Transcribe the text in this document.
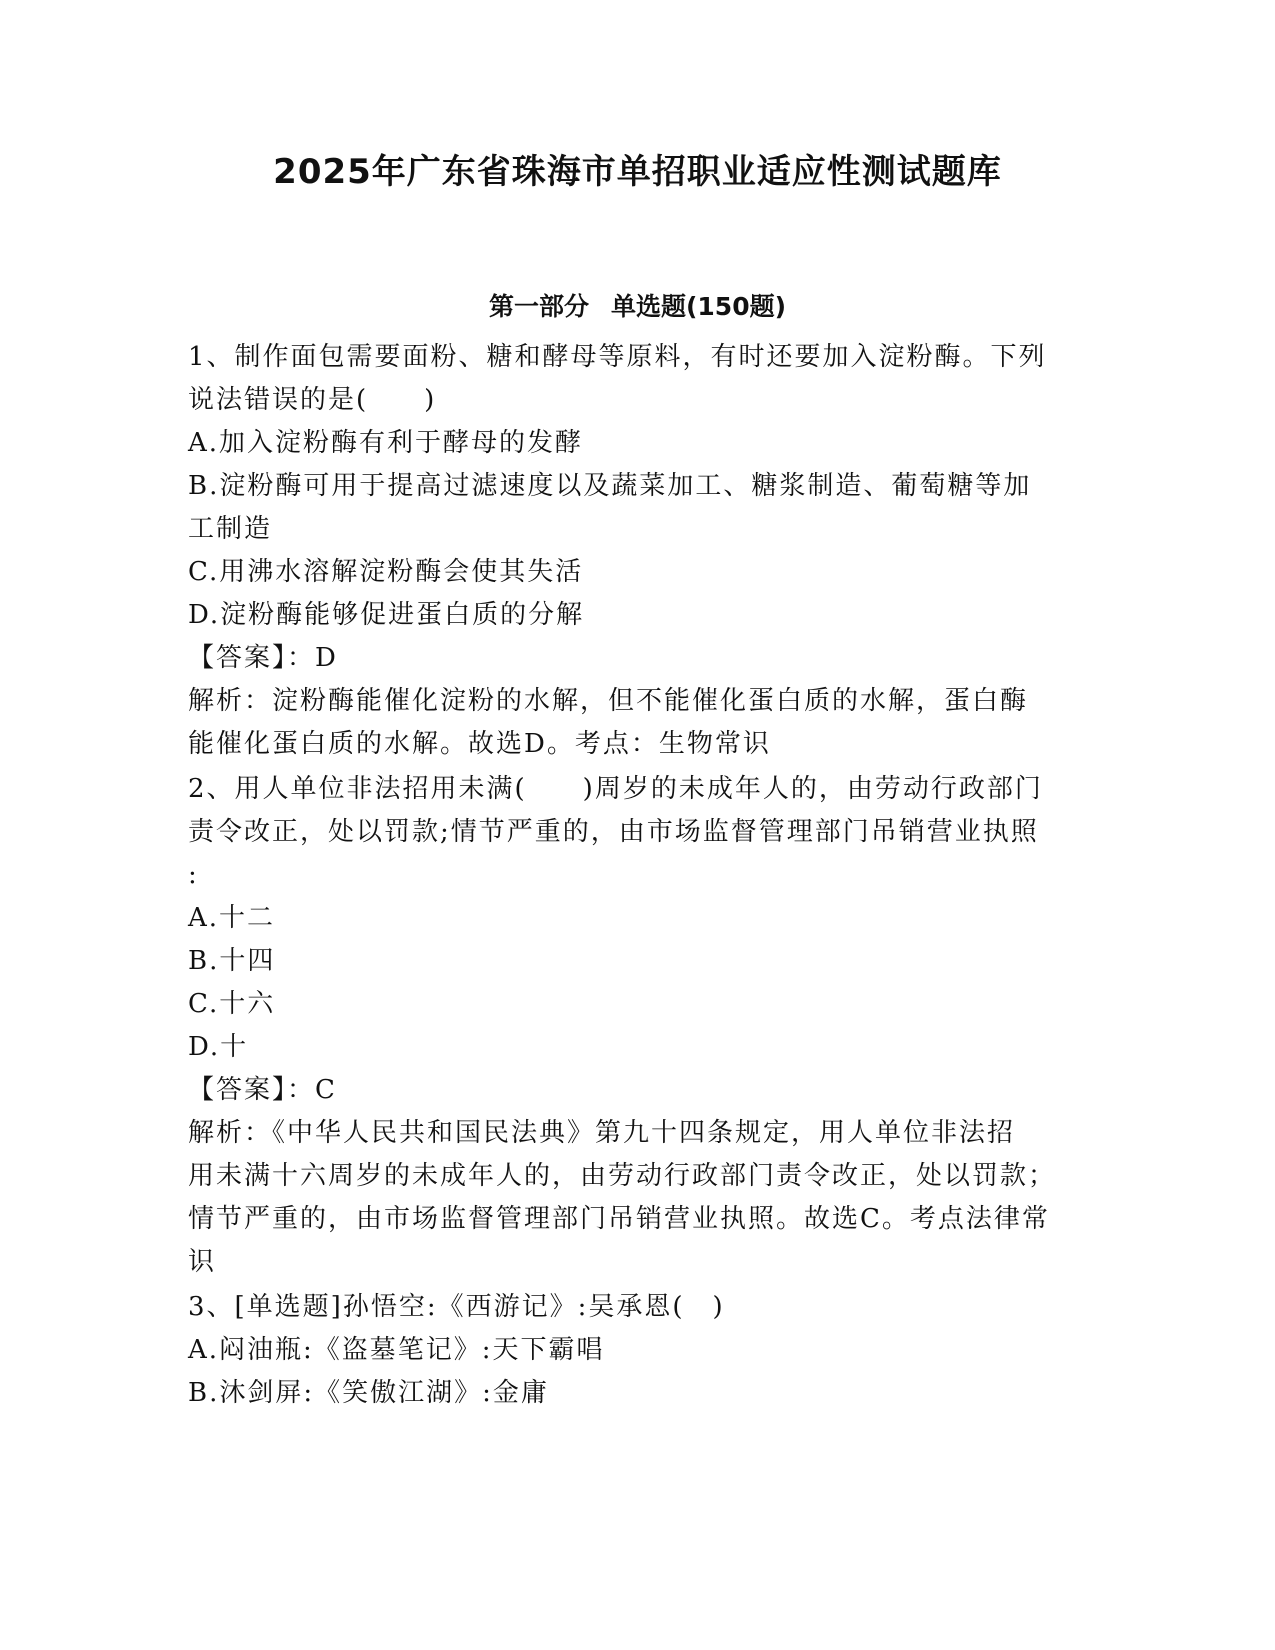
2025年广东省珠海市单招职业适应性测试题库
第一部分 单选题(150题)
1、制作面包需要面粉、糖和酵母等原料，有时还要加入淀粉酶。下列
说法错误的是(　　)
A.加入淀粉酶有利于酵母的发酵
B.淀粉酶可用于提高过滤速度以及蔬菜加工、糖浆制造、葡萄糖等加
工制造
C.用沸水溶解淀粉酶会使其失活
D.淀粉酶能够促进蛋白质的分解
【答案】：D
解析：淀粉酶能催化淀粉的水解，但不能催化蛋白质的水解，蛋白酶
能催化蛋白质的水解。故选D。考点：生物常识
2、用人单位非法招用未满(　　)周岁的未成年人的，由劳动行政部门
责令改正，处以罚款;情节严重的，由市场监督管理部门吊销营业执照
:
A.十二
B.十四
C.十六
D.十
【答案】：C
解析：《中华人民共和国民法典》第九十四条规定，用人单位非法招
用未满十六周岁的未成年人的，由劳动行政部门责令改正，处以罚款；
情节严重的，由市场监督管理部门吊销营业执照。故选C。考点法律常
识
3、[单选题]孙悟空:《西游记》:吴承恩(　)
A.闷油瓶:《盗墓笔记》:天下霸唱
B.沐剑屏:《笑傲江湖》:金庸
